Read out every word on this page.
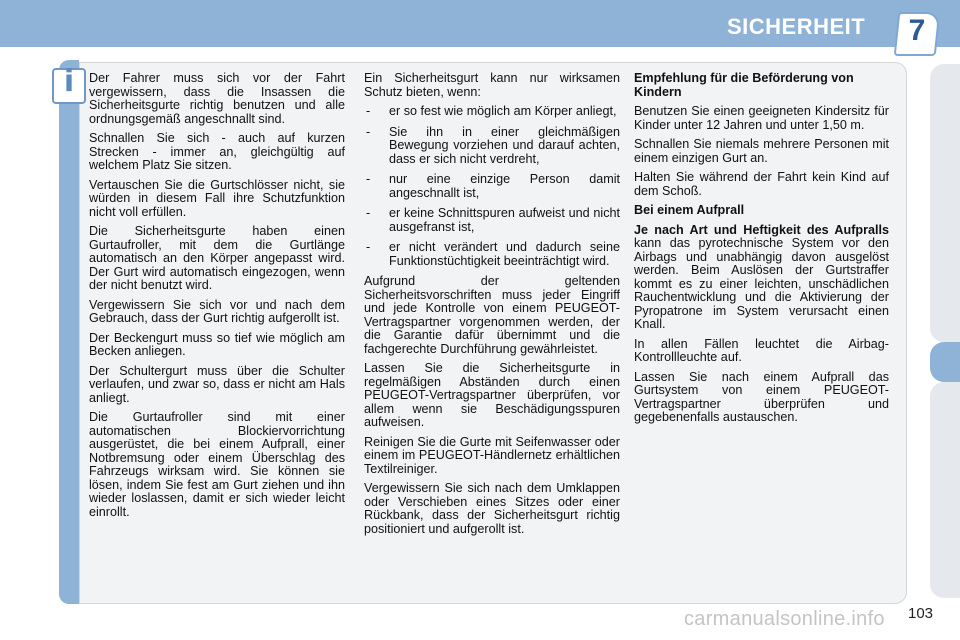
SICHERHEIT	7
i	Der Fahrer muss sich vor der Fahrt vergewissern, dass die Insassen die Sicherheitsgurte richtig benutzen und alle ordnungsgemäß angeschnallt sind.

Schnallen Sie sich - auch auf kurzen Strecken - immer an, gleichgültig auf welchem Platz Sie sitzen.

Vertauschen Sie die Gurtschlösser nicht, sie würden in diesem Fall ihre Schutzfunktion nicht voll erfüllen.

Die Sicherheitsgurte haben einen Gurtaufroller, mit dem die Gurtlänge automatisch an den Körper angepasst wird. Der Gurt wird automatisch eingezogen, wenn der nicht benutzt wird.

Vergewissern Sie sich vor und nach dem Gebrauch, dass der Gurt richtig aufgerollt ist.

Der Beckengurt muss so tief wie möglich am Becken anliegen.

Der Schultergurt muss über die Schulter verlaufen, und zwar so, dass er nicht am Hals anliegt.

Die Gurtaufroller sind mit einer automatischen Blockiervorrichtung ausgerüstet, die bei einem Aufprall, einer Notbremsung oder einem Überschlag des Fahrzeugs wirksam wird. Sie können sie lösen, indem Sie fest am Gurt ziehen und ihn wieder loslassen, damit er sich wieder leicht einrollt.

Ein Sicherheitsgurt kann nur wirksamen Schutz bieten, wenn:

- er so fest wie möglich am Körper anliegt,
- Sie ihn in einer gleichmäßigen Bewegung vorziehen und darauf achten, dass er sich nicht verdreht,
- nur eine einzige Person damit angeschnallt ist,
- er keine Schnittspuren aufweist und nicht ausgefranst ist,
- er nicht verändert und dadurch seine Funktionstüchtigkeit beeinträchtigt wird.

Aufgrund der geltenden Sicherheitsvorschriften muss jeder Eingriff und jede Kontrolle von einem PEUGEOT-Vertragspartner vorgenommen werden, der die Garantie dafür übernimmt und die fachgerechte Durchführung gewährleistet.

Lassen Sie die Sicherheitsgurte in regelmäßigen Abständen durch einen PEUGEOT-Vertragspartner überprüfen, vor allem wenn sie Beschädigungsspuren aufweisen.

Reinigen Sie die Gurte mit Seifenwasser oder einem im PEUGEOT-Händlernetz erhältlichen Textilreiniger.

Vergewissern Sie sich nach dem Umklappen oder Verschieben eines Sitzes oder einer Rückbank, dass der Sicherheitsgurt richtig positioniert und aufgerollt ist.

Empfehlung für die Beförderung von Kindern

Benutzen Sie einen geeigneten Kindersitz für Kinder unter 12 Jahren und unter 1,50 m.

Schnallen Sie niemals mehrere Personen mit einem einzigen Gurt an.

Halten Sie während der Fahrt kein Kind auf dem Schoß.

Bei einem Aufprall

Je nach Art und Heftigkeit des Aufpralls kann das pyrotechnische System vor den Airbags und unabhängig davon ausgelöst werden. Beim Auslösen der Gurtstraffer kommt es zu einer leichten, unschädlichen Rauchentwicklung und die Aktivierung der Pyropatrone im System verursacht einen Knall.

In allen Fällen leuchtet die Airbag-Kontrollleuchte auf.

Lassen Sie nach einem Aufprall das Gurtsystem von einem PEUGEOT-Vertragspartner überprüfen und gegebenenfalls austauschen.

carmanualsonline.info 103
